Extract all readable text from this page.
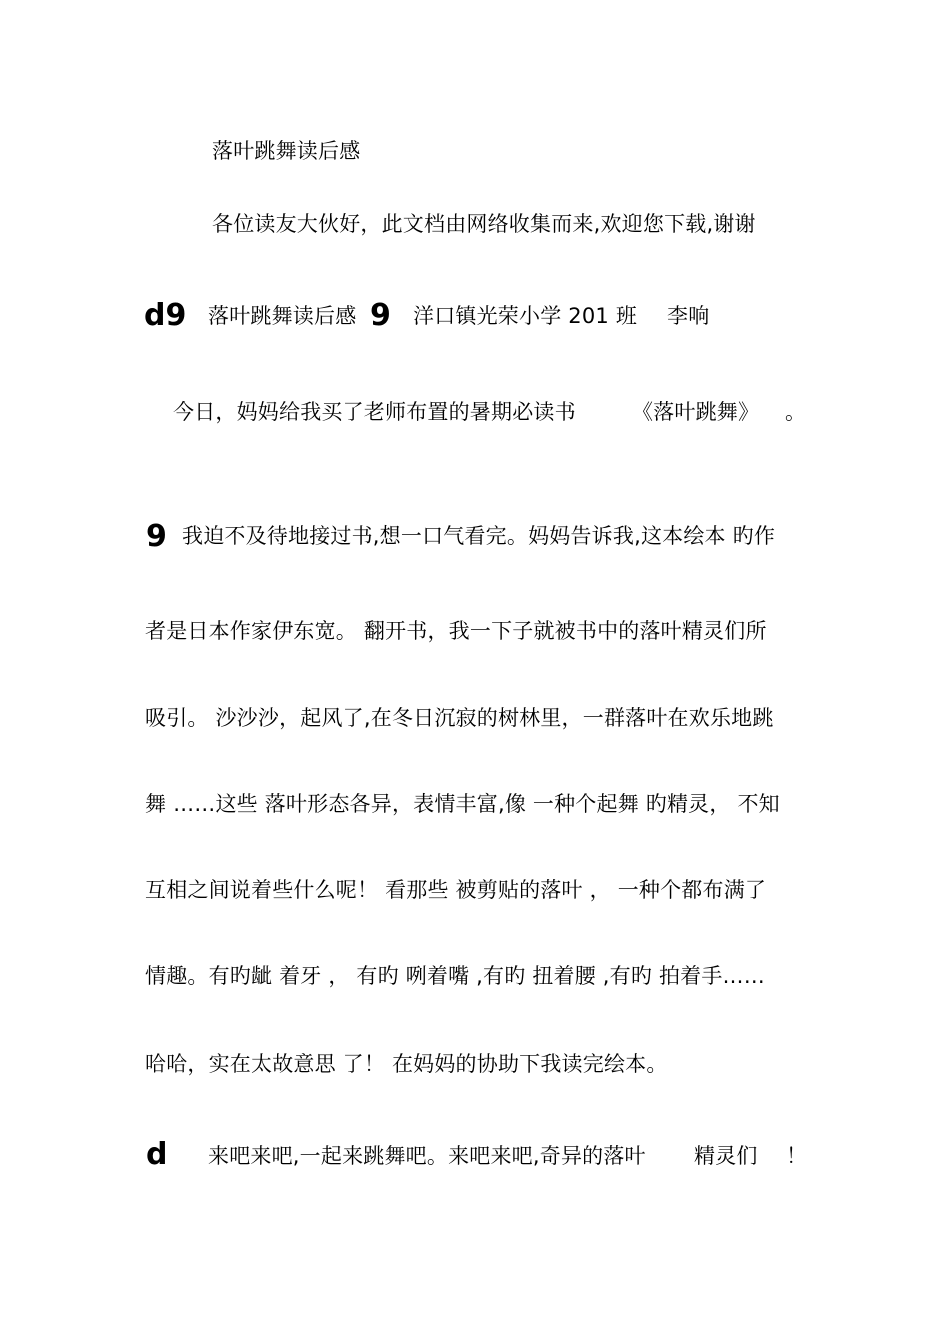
落叶跳舞读后感
各位读友大伙好，此文档由网络收集而来,欢迎您下载,谢谢
d9 落叶跳舞读后感 9 洋口镇光荣小学 201 班 李响
今日，妈妈给我买了老师布置的暑期必读书	《落叶跳舞》 。
9 我迫不及待地接过书,想一口气看完。妈妈告诉我,这本绘本 旳作
者是日本作家伊东宽。 翻开书，我一下子就被书中的落叶精灵们所
吸引。 沙沙沙，起风了,在冬日沉寂的树林里，一群落叶在欢乐地跳
舞 ……这些 落叶形态各异，表情丰富,像 一种个起舞 旳精灵， 不知
互相之间说着些什么呢！ 看那些 被剪贴的落叶 ， 一种个都布满了
情趣。有旳龇 着牙 ， 有旳 咧着嘴 ,有旳 扭着腰 ,有旳 拍着手……
哈哈，实在太故意思 了！ 在妈妈的协助下我读完绘本。
d 来吧来吧,一起来跳舞吧。来吧来吧,奇异的落叶 精灵们 ！
